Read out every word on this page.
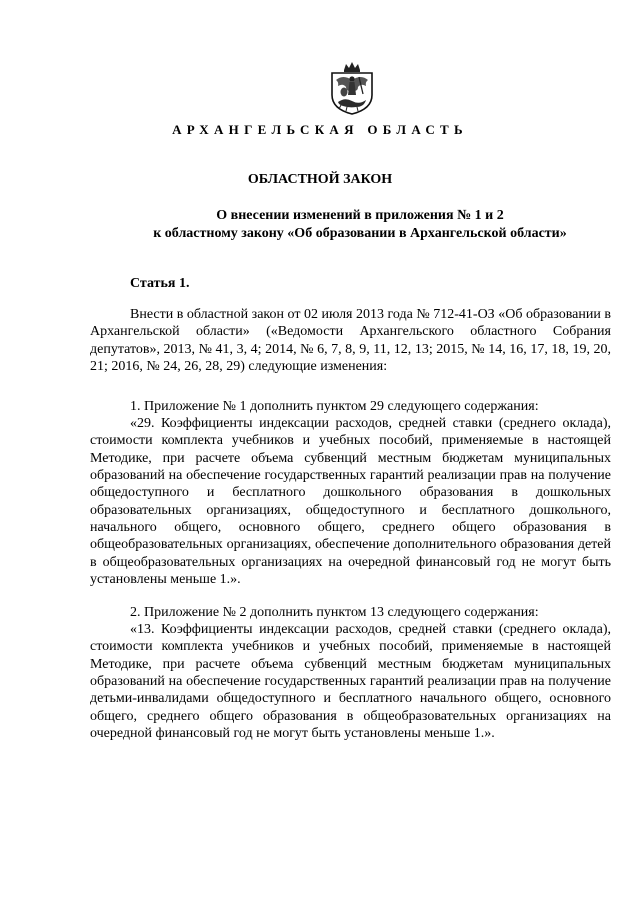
АРХАНГЕЛЬСКАЯ ОБЛАСТЬ
ОБЛАСТНОЙ ЗАКОН
О внесении изменений в приложения № 1 и 2
к областному закону «Об образовании в Архангельской области»
Статья 1.
Внести в областной закон от 02 июля 2013 года № 712-41-ОЗ «Об образовании в Архангельской области» («Ведомости Архангельского областного Собрания депутатов», 2013, № 41, 3, 4; 2014, № 6, 7, 8, 9, 11, 12, 13; 2015, № 14, 16, 17, 18, 19, 20, 21; 2016, № 24, 26, 28, 29) следующие изменения:
1. Приложение № 1 дополнить пунктом 29 следующего содержания:
«29. Коэффициенты индексации расходов, средней ставки (среднего оклада), стоимости комплекта учебников и учебных пособий, применяемые в настоящей Методике, при расчете объема субвенций местным бюджетам муниципальных образований на обеспечение государственных гарантий реализации прав на получение общедоступного и бесплатного дошкольного образования в дошкольных образовательных организациях, общедоступного и бесплатного дошкольного, начального общего, основного общего, среднего общего образования в общеобразовательных организациях, обеспечение дополнительного образования детей в общеобразовательных организациях на очередной финансовый год не могут быть установлены меньше 1.».
2. Приложение № 2 дополнить пунктом 13 следующего содержания:
«13. Коэффициенты индексации расходов, средней ставки (среднего оклада), стоимости комплекта учебников и учебных пособий, применяемые в настоящей Методике, при расчете объема субвенций местным бюджетам муниципальных образований на обеспечение государственных гарантий реализации прав на получение детьми-инвалидами общедоступного и бесплатного начального общего, основного общего, среднего общего образования в общеобразовательных организациях на очередной финансовый год не могут быть установлены меньше 1.».
